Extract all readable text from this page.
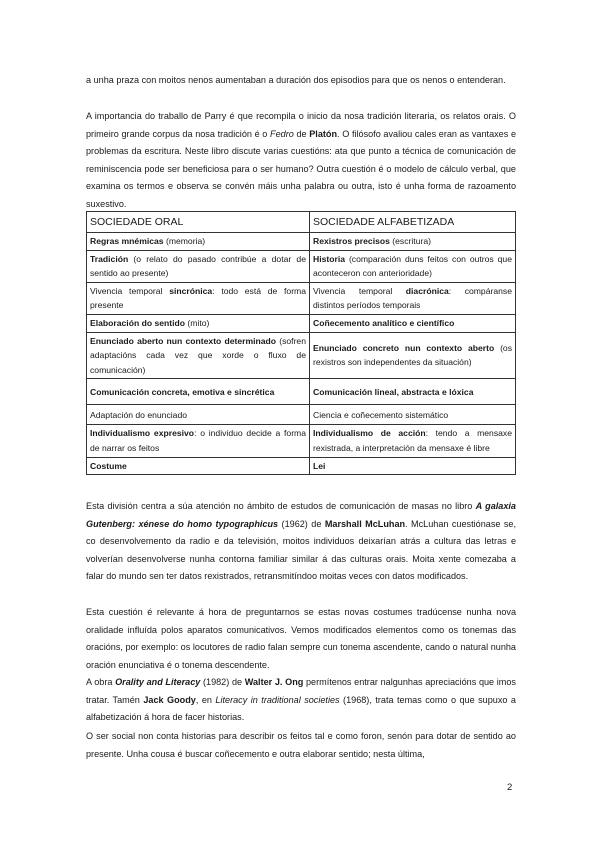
a unha praza con moitos nenos aumentaban a duración dos episodios para que os nenos o entenderan.

A importancia do traballo de Parry é que recompila o inicio da nosa tradición literaria, os relatos orais. O primeiro grande corpus da nosa tradición é o Fedro de Platón. O filósofo avaliou cales eran as vantaxes e problemas da escritura. Neste libro discute varias cuestións: ata que punto a técnica de comunicación de reminiscencia pode ser beneficiosa para o ser humano? Outra cuestión é o modelo de cálculo verbal, que examina os termos e observa se convén máis unha palabra ou outra, isto é unha forma de razoamento suxestivo.

SOCIEDADE ORAL	SOCIEDADE ALFABETIZADA
Regras mnémicas (memoria)	Rexistros precisos (escritura)
Tradición (o relato do pasado contribúe a dotar de sentido ao presente)	Historia (comparación duns feitos con outros que aconteceron con anterioridade)
Vivencia temporal sincrónica: todo está de forma presente	Vivencia temporal diacrónica: compáranse distintos períodos temporais
Elaboración do sentido (mito)	Coñecemento analítico e científico
Enunciado aberto nun contexto determinado (sofren adaptacións cada vez que xorde o fluxo de comunicación)	Enunciado concreto nun contexto aberto (os rexistros son independentes da situación)
Comunicación concreta, emotiva e sincrética	Comunicación lineal, abstracta e lóxica
Adaptación do enunciado	Ciencia e coñecemento sistemático
Individualismo expresivo: o individuo decide a forma de narrar os feitos	Individualismo de acción: tendo a mensaxe rexistrada, a interpretación da mensaxe é libre
Costume	Lei

Esta división centra a súa atención no ámbito de estudos de comunicación de masas no libro A galaxia Gutenberg: xénese do homo typographicus (1962) de Marshall McLuhan. McLuhan cuestiónase se, co desenvolvemento da radio e da televisión, moitos individuos deixarían atrás a cultura das letras e volverían desenvolverse nunha contorna familiar similar á das culturas orais. Moita xente comezaba a falar do mundo sen ter datos rexistrados, retransmitíndoo moitas veces con datos modificados.

Esta cuestión é relevante á hora de preguntarnos se estas novas costumes tradúcense nunha nova oralidade influída polos aparatos comunicativos. Vemos modificados elementos como os tonemas das oracións, por exemplo: os locutores de radio falan sempre cun tonema ascendente, cando o natural nunha oración enunciativa é o tonema descendente.

A obra Orality and Literacy (1982) de Walter J. Ong permítenos entrar nalgunhas apreciacións que imos tratar. Tamén Jack Goody, en Literacy in traditional societies (1968), trata temas como o que supuxo a alfabetización á hora de facer historias.

O ser social non conta historias para describir os feitos tal e como foron, senón para dotar de sentido ao presente. Unha cousa é buscar coñecemento e outra elaborar sentido; nesta última,

2
